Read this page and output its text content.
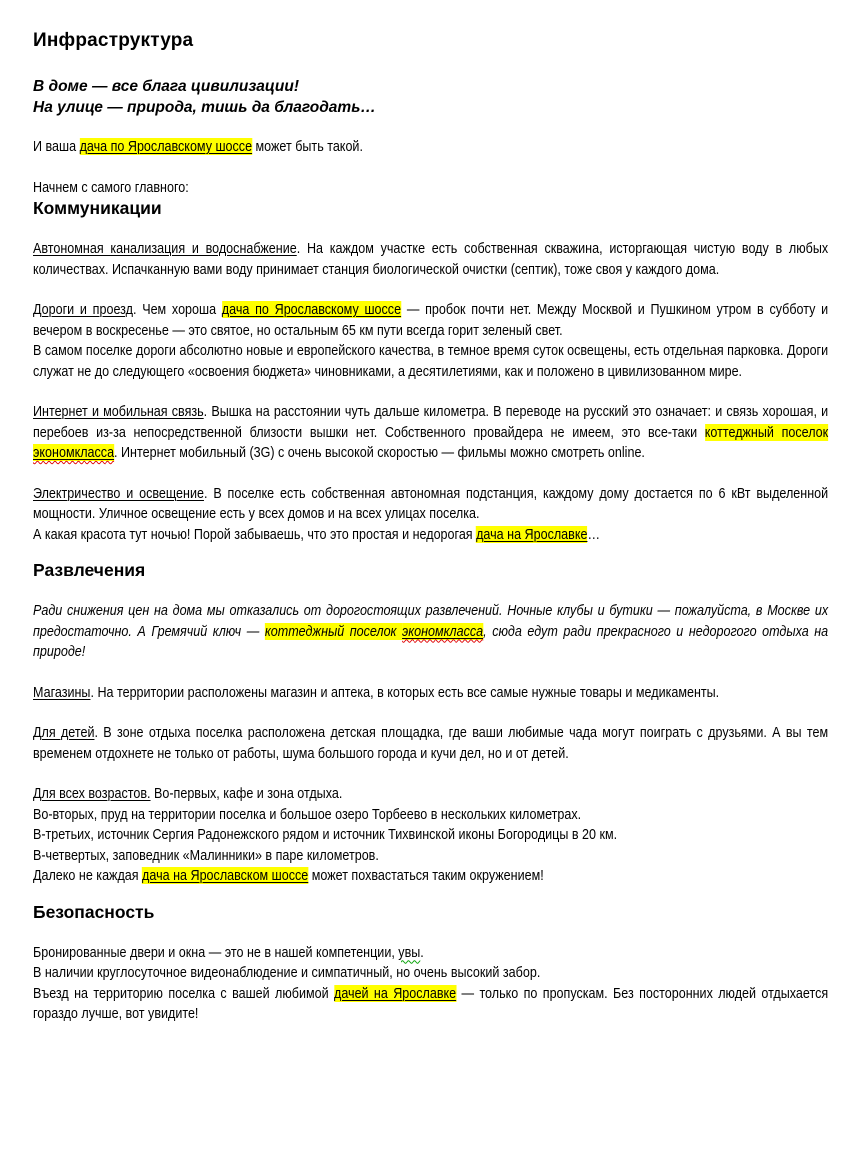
Инфраструктура

В доме — все блага цивилизации!

На улице — природа, тишь да благодать…

И ваша дача по Ярославскому шоссе может быть такой.

Начнем с самого главного:

Коммуникации

Автономная канализация и водоснабжение. На каждом участке есть собственная скважина, исторгающая чистую воду в любых количествах. Испачканную вами воду принимает станция биологической очистки (септик), тоже своя у каждого дома.

Дороги и проезд. Чем хороша дача по Ярославскому шоссе — пробок почти нет. Между Москвой и Пушкином утром в субботу и вечером в воскресенье — это святое, но остальным 65 км пути всегда горит зеленый свет.

В самом поселке дороги абсолютно новые и европейского качества, в темное время суток освещены, есть отдельная парковка. Дороги служат не до следующего «освоения бюджета» чиновниками, а десятилетиями, как и положено в цивилизованном мире.

Интернет и мобильная связь. Вышка на расстоянии чуть дальше километра. В переводе на русский это означает: и связь хорошая, и перебоев из-за непосредственной близости вышки нет. Собственного провайдера не имеем, это все-таки коттеджный поселок экономкласса. Интернет мобильный (3G) с очень высокой скоростью — фильмы можно смотреть online.

Электричество и освещение. В поселке есть собственная автономная подстанция, каждому дому достается по 6 кВт выделенной мощности. Уличное освещение есть у всех домов и на всех улицах поселка.

А какая красота тут ночью! Порой забываешь, что это простая и недорогая дача на Ярославке…

Развлечения

Ради снижения цен на дома мы отказались от дорогостоящих развлечений. Ночные клубы и бутики — пожалуйста, в Москве их предостаточно. А Гремячий ключ — коттеджный поселок экономкласса, сюда едут ради прекрасного и недорогого отдыха на природе!

Магазины. На территории расположены магазин и аптека, в которых есть все самые нужные товары и медикаменты.

Для детей. В зоне отдыха поселка расположена детская площадка, где ваши любимые чада могут поиграть с друзьями. А вы тем временем отдохнете не только от работы, шума большого города и кучи дел, но и от детей.

Для всех возрастов. Во-первых, кафе и зона отдыха.

Во-вторых, пруд на территории поселка и большое озеро Торбеево в нескольких километрах.

В-третьих, источник Сергия Радонежского рядом и источник Тихвинской иконы Богородицы в 20 км.

В-четвертых, заповедник «Малинники» в паре километров.

Далеко не каждая дача на Ярославском шоссе может похвастаться таким окружением!

Безопасность

Бронированные двери и окна — это не в нашей компетенции, увы.

В наличии круглосуточное видеонаблюдение и симпатичный, но очень высокий забор.

Въезд на территорию поселка с вашей любимой дачей на Ярославке — только по пропускам. Без посторонних людей отдыхается гораздо лучше, вот увидите!
